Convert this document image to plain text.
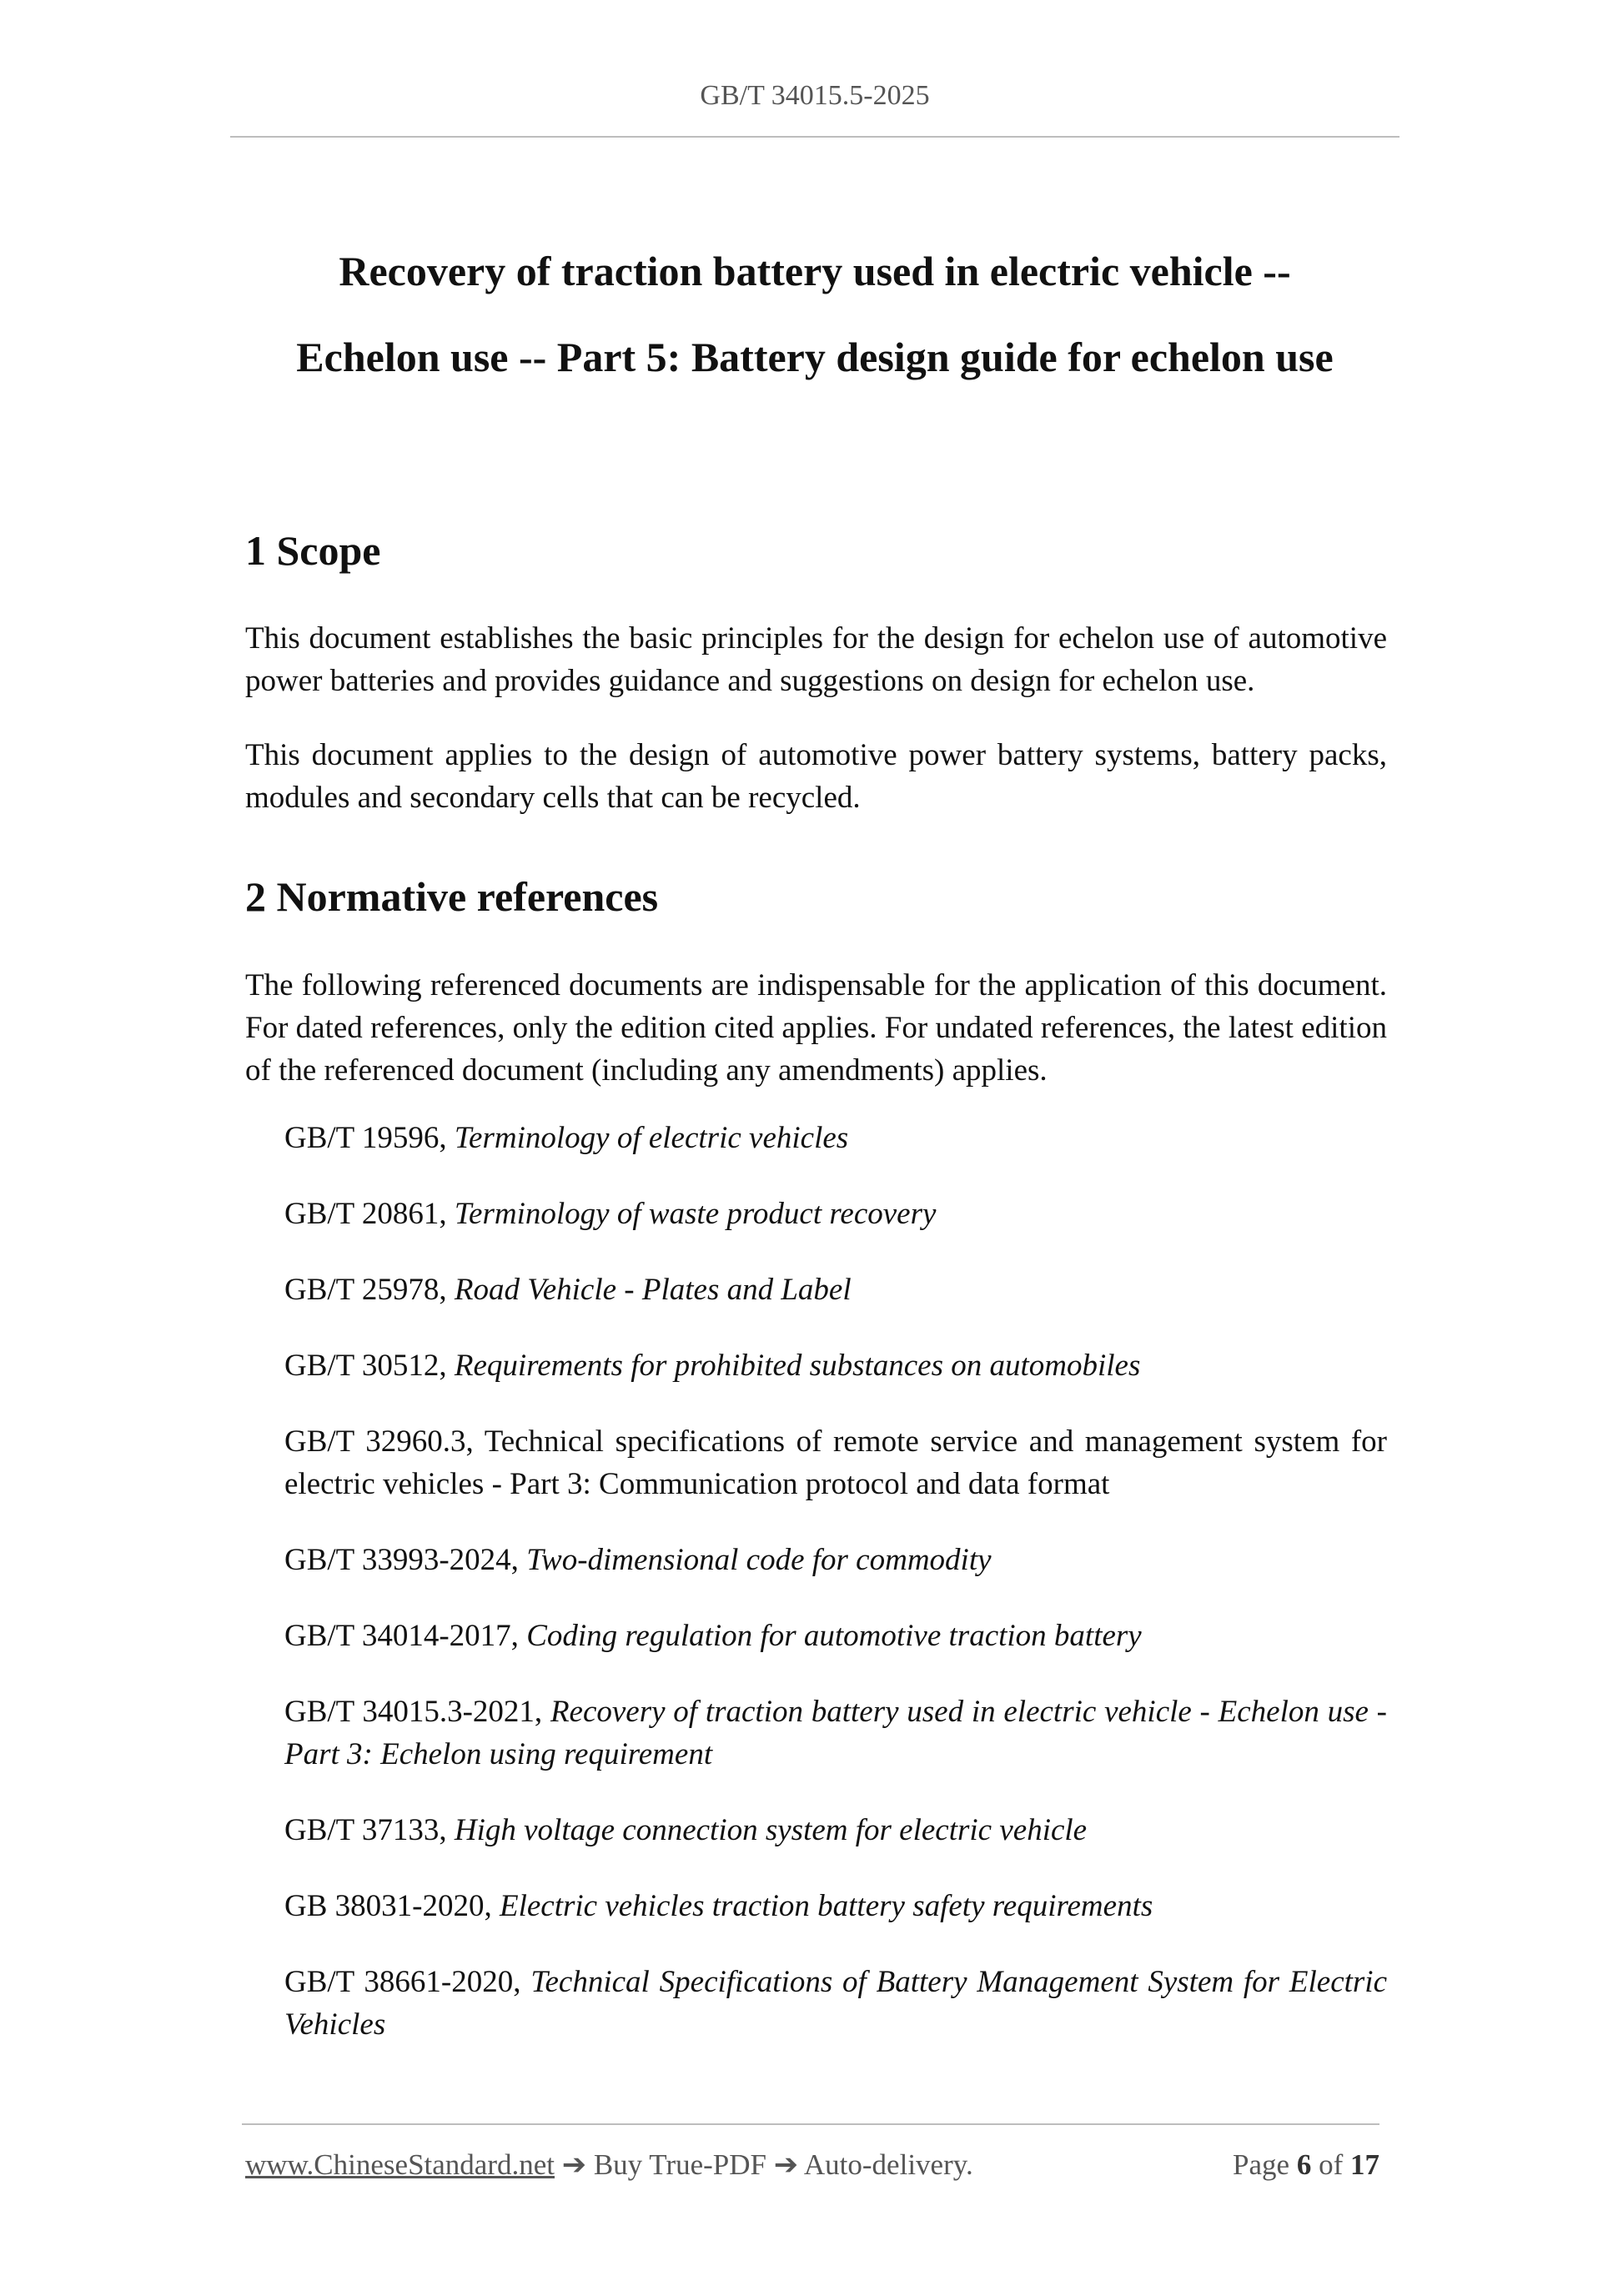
GB/T 34015.5-2025
Recovery of traction battery used in electric vehicle --
Echelon use -- Part 5: Battery design guide for echelon use
1 Scope

This document establishes the basic principles for the design for echelon use of automotive power batteries and provides guidance and suggestions on design for echelon use.

This document applies to the design of automotive power battery systems, battery packs, modules and secondary cells that can be recycled.

2 Normative references

The following referenced documents are indispensable for the application of this document. For dated references, only the edition cited applies. For undated references, the latest edition of the referenced document (including any amendments) applies.

GB/T 19596, Terminology of electric vehicles
GB/T 20861, Terminology of waste product recovery
GB/T 25978, Road Vehicle - Plates and Label
GB/T 30512, Requirements for prohibited substances on automobiles
GB/T 32960.3, Technical specifications of remote service and management system for electric vehicles - Part 3: Communication protocol and data format
GB/T 33993-2024, Two-dimensional code for commodity
GB/T 34014-2017, Coding regulation for automotive traction battery
GB/T 34015.3-2021, Recovery of traction battery used in electric vehicle - Echelon use - Part 3: Echelon using requirement
GB/T 37133, High voltage connection system for electric vehicle
GB 38031-2020, Electric vehicles traction battery safety requirements
GB/T 38661-2020, Technical Specifications of Battery Management System for Electric Vehicles
www.ChineseStandard.net ➔ Buy True-PDF ➔ Auto-delivery.	Page 6 of 17
